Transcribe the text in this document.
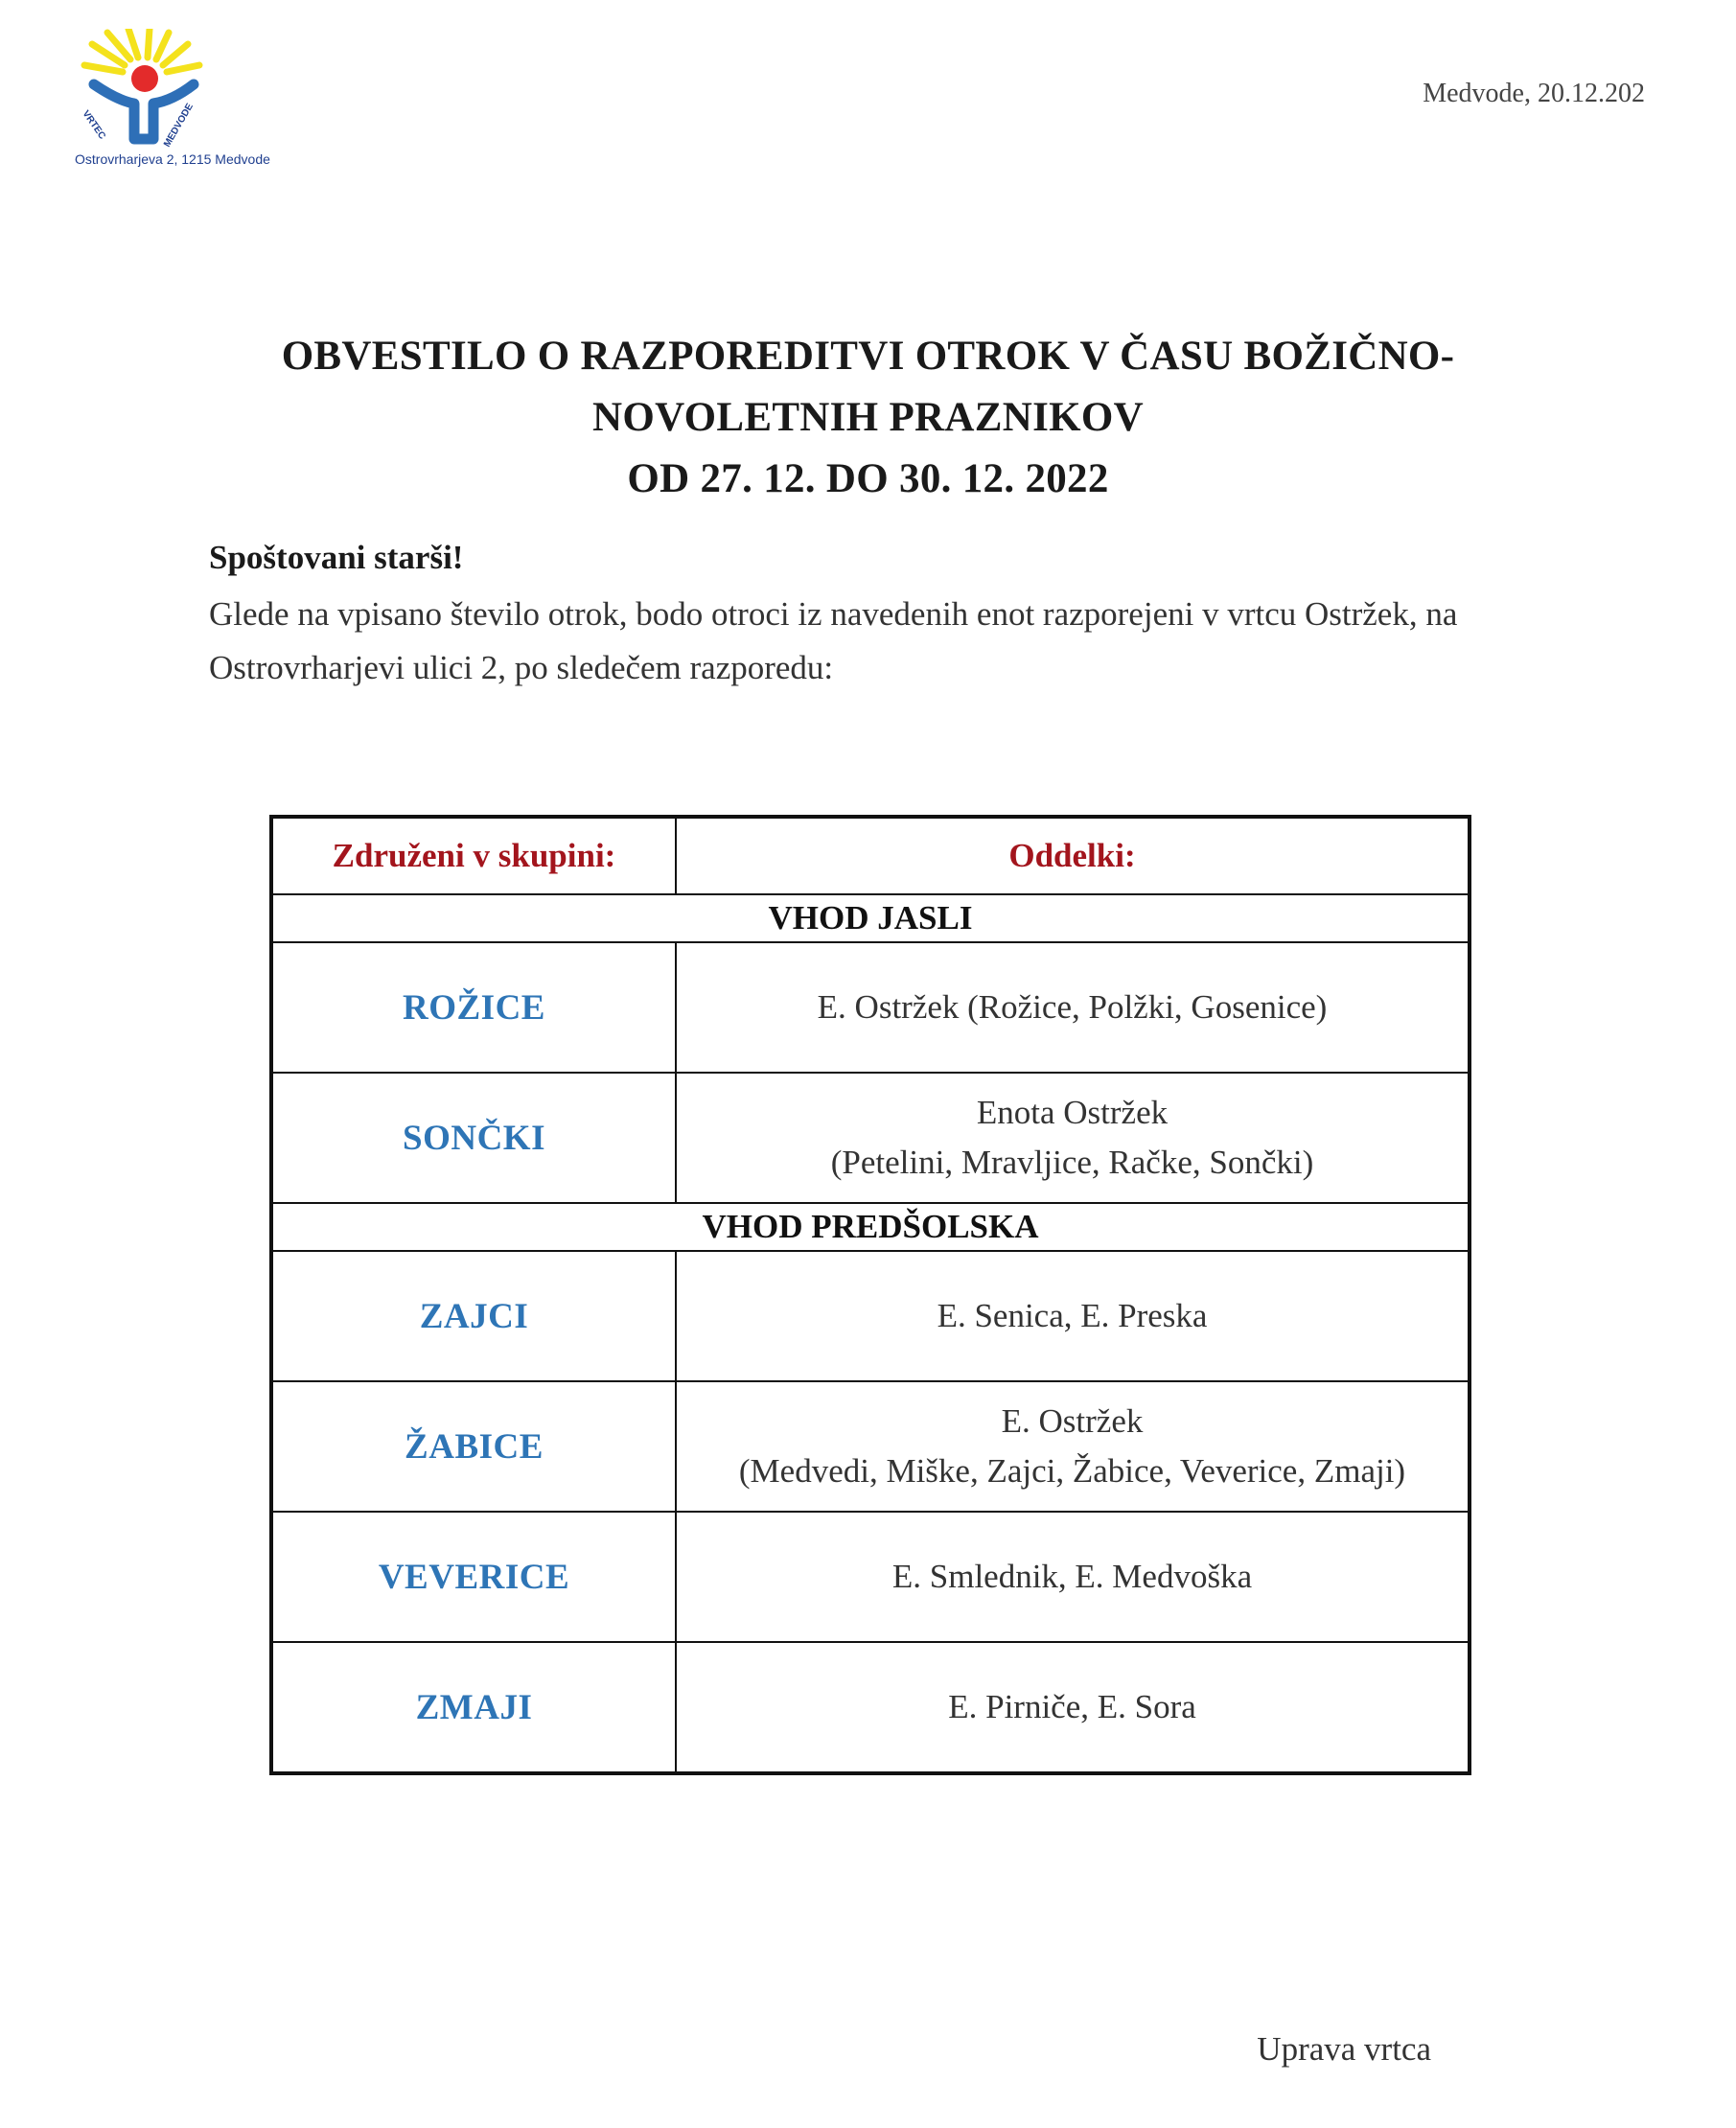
VRTEC	MEDVODE
Ostrovrharjeva 2, 1215 Medvode
Medvode, 20.12.202
OBVESTILO O RAZPOREDITVI OTROK V ČASU BOŽIČNO-
NOVOLETNIH PRAZNIKOV
OD 27. 12. DO 30. 12. 2022
Spoštovani starši!
Glede na vpisano število otrok, bodo otroci iz navedenih enot razporejeni v vrtcu Ostržek, na Ostrovrharjevi ulici 2, po sledečem razporedu:
Združeni v skupini:	Oddelki:
VHOD JASLI	
ROŽICE	E. Ostržek (Rožice, Polžki, Gosenice)

SONČKI	Enota Ostržek
(Petelini, Mravljice, Račke, Sončki)

VHOD PREDŠOLSKA	
ZAJCI	E. Senica, E. Preska

ŽABICE	E. Ostržek
(Medvedi, Miške, Zajci, Žabice, Veverice, Zmaji)

VEVERICE	E. Smlednik, E. Medvoška

ZMAJI	E. Pirniče, E. Sora
Uprava vrtca
